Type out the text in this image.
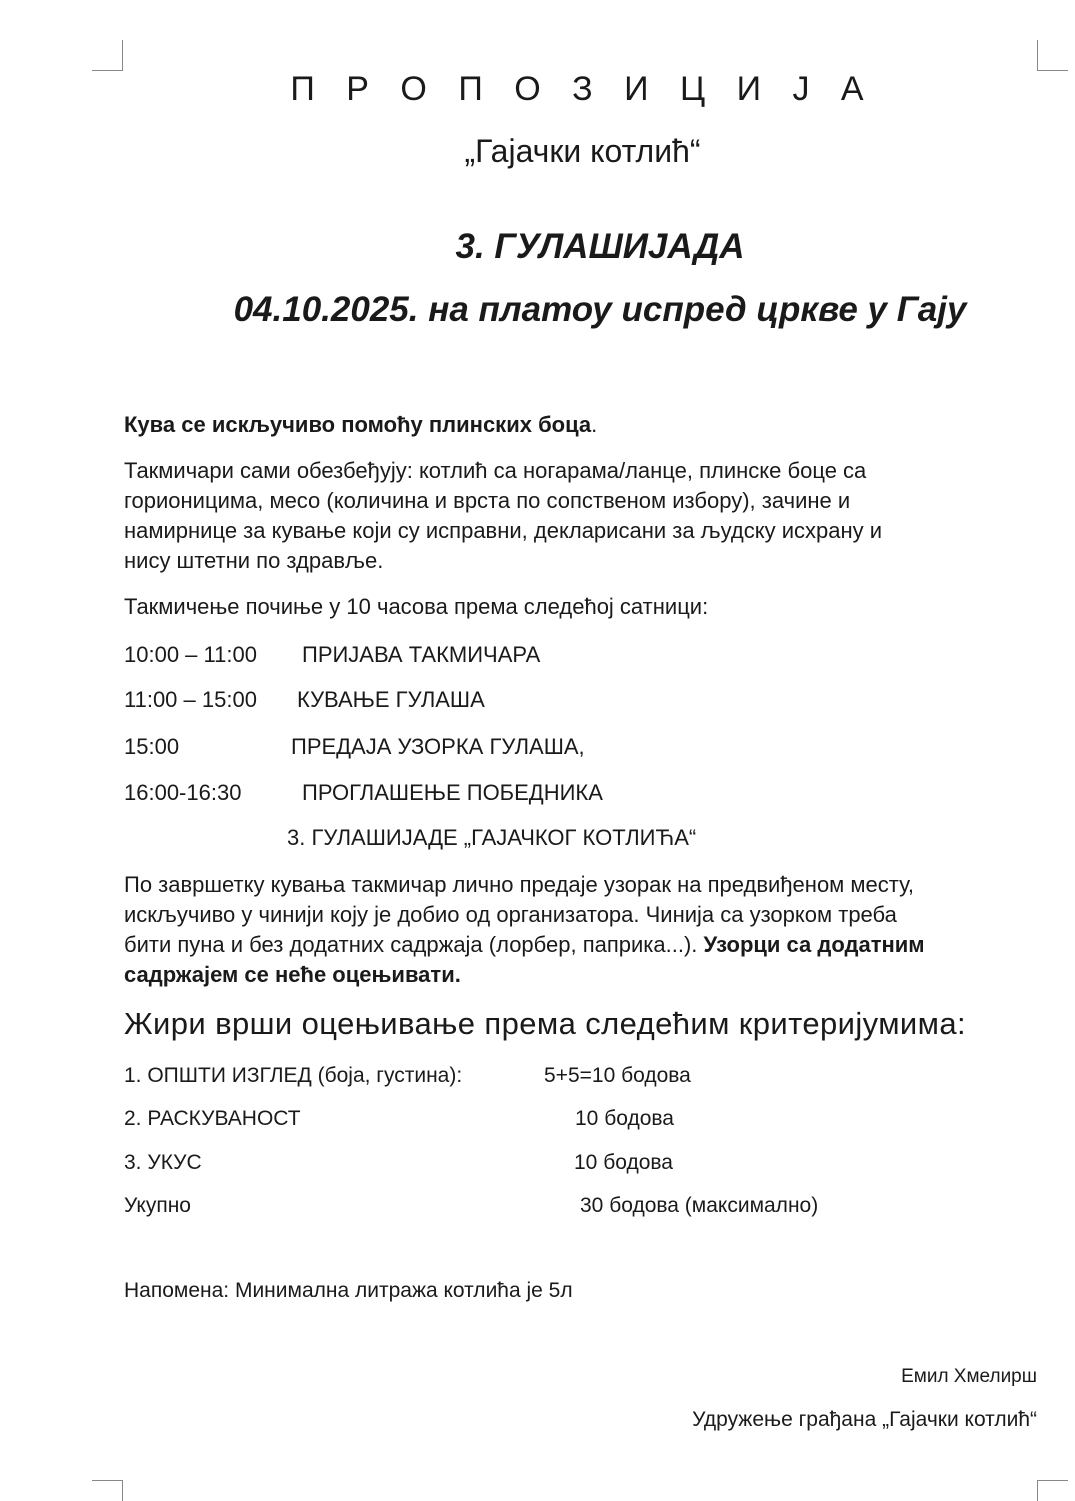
П Р О П О З И Ц И Ј А
„Гајачки котлић“
3. ГУЛАШИЈАДА
04.10.2025. на платоу испред цркве у Гају
Кува се искључиво помоћу плинских боца.
Такмичари сами обезбеђују: котлић са ногарама/ланце, плинске боце са
горионицима, месо (количина и врста по сопственом избору), зачине и
намирнице за кување који су исправни, декларисани за људску исхрану и
нису штетни по здравље.
Такмичење почиње у 10 часова према следећој сатници:
10:00 – 11:00 ПРИЈАВА ТАКМИЧАРА
11:00 – 15:00 КУВАЊЕ ГУЛАША
15:00	ПРЕДАЈА УЗОРКА ГУЛАША,
16:00-16:30	ПРОГЛАШЕЊЕ ПОБЕДНИКА
3. ГУЛАШИЈАДЕ „ГАЈАЧКОГ КОТЛИЋА“
По завршетку кувања такмичар лично предаје узорак на предвиђеном месту,
искључиво у чинији коју је добио од организатора. Чинија са узорком треба
бити пуна и без додатних садржаја (лорбер, паприка...). Узорци са додатним
садржајем се неће оцењивати.
Жири врши оцењивање према следећим критеријумима:
1. ОПШТИ ИЗГЛЕД (боја, густина):	5+5=10 бодова
2. РАСКУВАНОСТ	10 бодова
3. УКУС	10 бодова
Укупно	30 бодова (максимално)
Напомена: Минимална литража котлића је 5л
Емил Хмелирш
Удружење грађана „Гајачки котлић“
